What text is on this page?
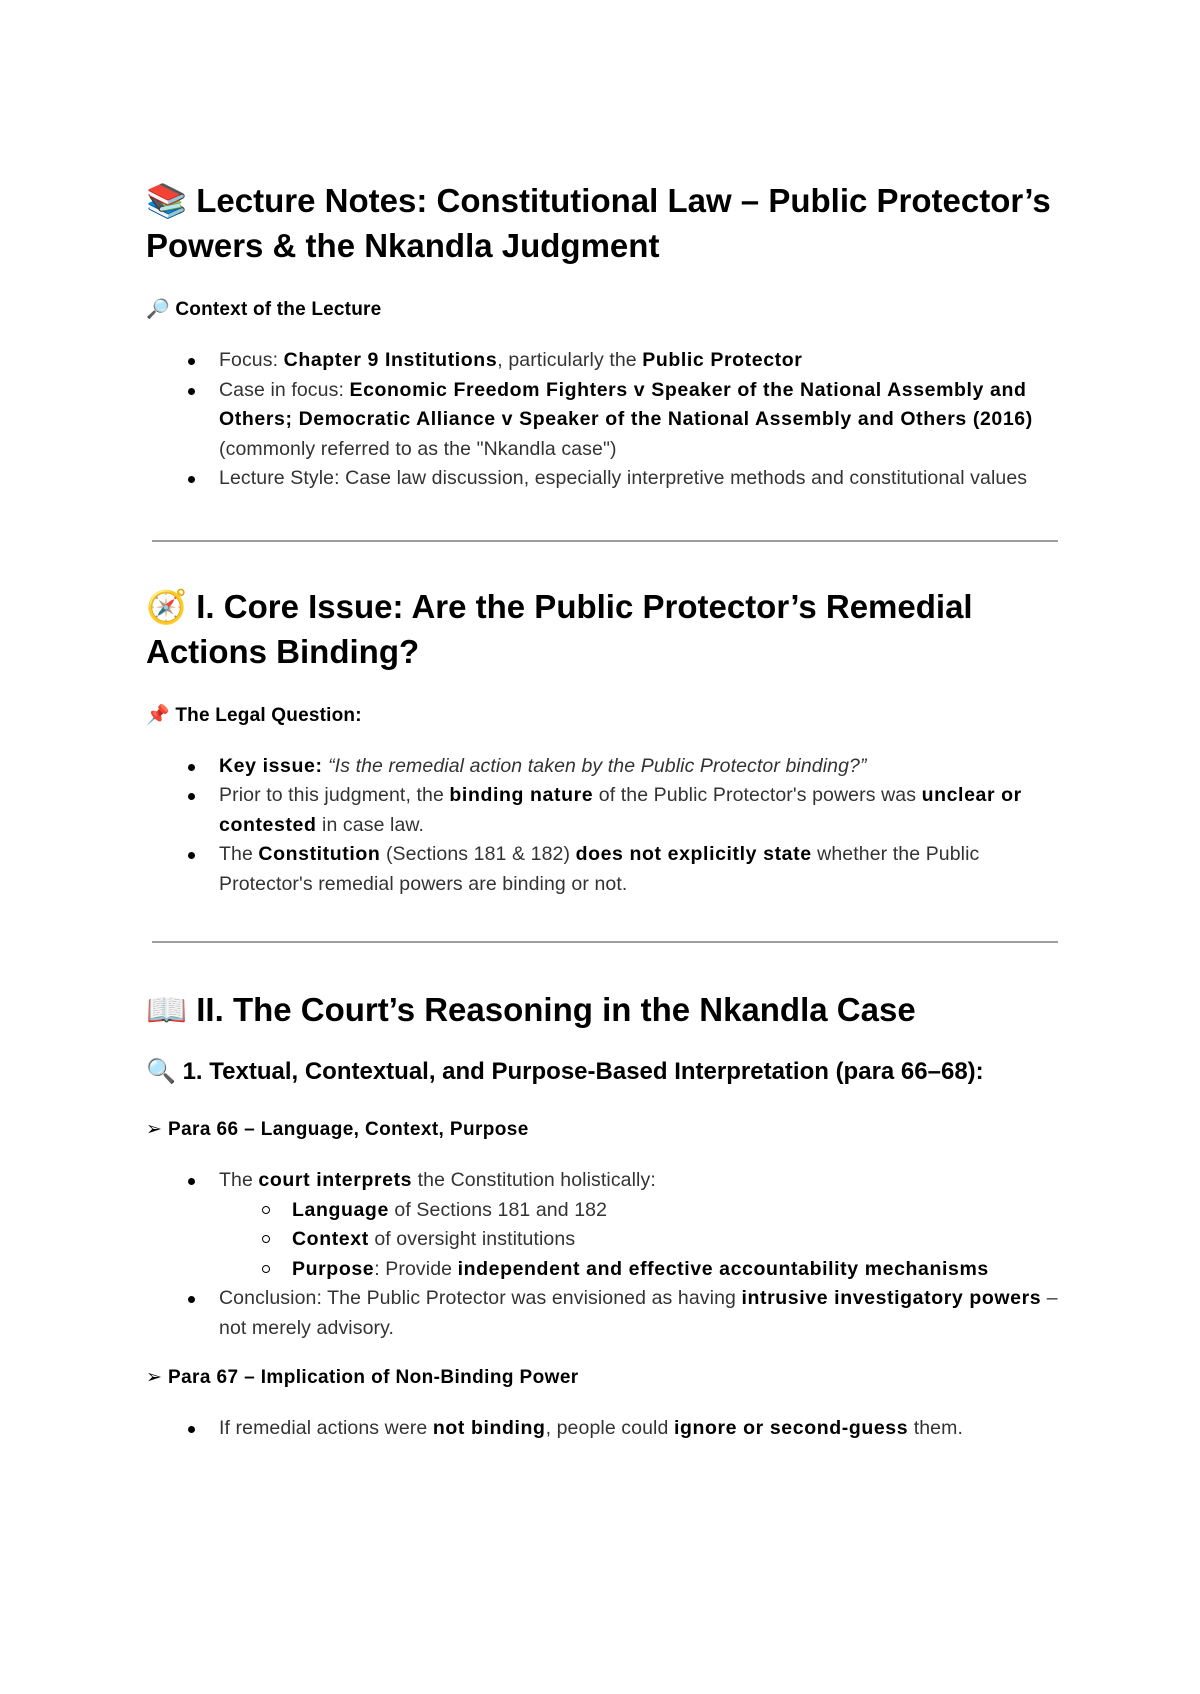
📚 Lecture Notes: Constitutional Law – Public Protector’s Powers & the Nkandla Judgment
🔎 Context of the Lecture
Focus: Chapter 9 Institutions, particularly the Public Protector
Case in focus: Economic Freedom Fighters v Speaker of the National Assembly and Others; Democratic Alliance v Speaker of the National Assembly and Others (2016) (commonly referred to as the "Nkandla case")
Lecture Style: Case law discussion, especially interpretive methods and constitutional values
🧭 I. Core Issue: Are the Public Protector’s Remedial Actions Binding?
📌 The Legal Question:
Key issue: “Is the remedial action taken by the Public Protector binding?”
Prior to this judgment, the binding nature of the Public Protector's powers was unclear or contested in case law.
The Constitution (Sections 181 & 182) does not explicitly state whether the Public Protector's remedial powers are binding or not.
📖 II. The Court’s Reasoning in the Nkandla Case
🔍 1. Textual, Contextual, and Purpose-Based Interpretation (para 66–68):
➢ Para 66 – Language, Context, Purpose
The court interprets the Constitution holistically:
Language of Sections 181 and 182
Context of oversight institutions
Purpose: Provide independent and effective accountability mechanisms
Conclusion: The Public Protector was envisioned as having intrusive investigatory powers – not merely advisory.
➢ Para 67 – Implication of Non-Binding Power
If remedial actions were not binding, people could ignore or second-guess them.
